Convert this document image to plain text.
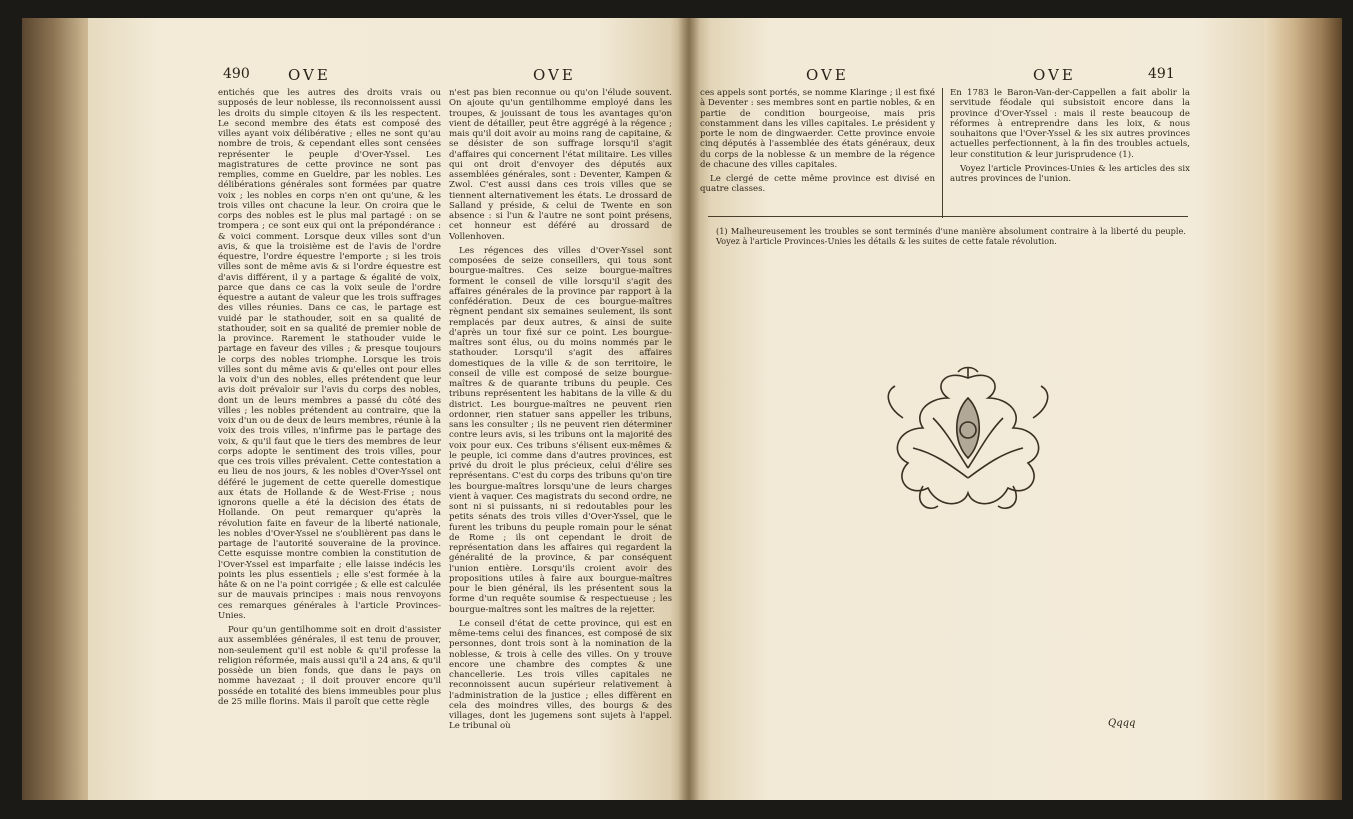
490	OVE	OVE

entichés que les autres des droits vrais ou supposés de leur noblesse, ils reconnoissent aussi les droits du simple citoyen & ils les respectent. Le second membre des états est composé des villes ayant voix délibérative ; elles ne sont qu'au nombre de trois, & cependant elles sont censées représenter le peuple d'Over-Yssel. Les magistratures de cette province ne sont pas remplies, comme en Gueldre, par les nobles. Les délibérations générales sont formées par quatre voix ; les nobles en corps n'en ont qu'une, & les trois villes ont chacune la leur. On croira que le corps des nobles est le plus mal partagé : on se trompera ; ce sont eux qui ont la prépondérance : & voici comment. Lorsque deux villes sont d'un avis, & que la troisième est de l'avis de l'ordre équestre, l'ordre équestre l'emporte ; si les trois villes sont de même avis & si l'ordre équestre est d'avis différent, il y a partage & égalité de voix, parce que dans ce cas la voix seule de l'ordre équestre a autant de valeur que les trois suffrages des villes réunies. Dans ce cas, le partage est vuidé par le stathouder, soit en sa qualité de stathouder, soit en sa qualité de premier noble de la province. Rarement le stathouder vuide le partage en faveur des villes ; & presque toujours le corps des nobles triomphe. Lorsque les trois villes sont du même avis & qu'elles ont pour elles la voix d'un des nobles, elles prétendent que leur avis doit prévaloir sur l'avis du corps des nobles, dont un de leurs membres a passé du côté des villes ; les nobles prétendent au contraire, que la voix d'un ou de deux de leurs membres, réunie à la voix des trois villes, n'infirme pas le partage des voix, & qu'il faut que le tiers des membres de leur corps adopte le sentiment des trois villes, pour que ces trois villes prévalent. Cette contestation a eu lieu de nos jours, & les nobles d'Over-Yssel ont déféré le jugement de cette querelle domestique aux états de Hollande & de West-Frise ; nous ignorons quelle a été la décision des états de Hollande. On peut remarquer qu'après la révolution faite en faveur de la liberté nationale, les nobles d'Over-Yssel ne s'oublièrent pas dans le partage de l'autorité souveraine de la province. Cette esquisse montre combien la constitution de l'Over-Yssel est imparfaite ; elle laisse indécis les points les plus essentiels ; elle s'est formée à la hâte & on ne l'a point corrigée ; & elle est calculée sur de mauvais principes : mais nous renvoyons ces remarques générales à l'article Provinces-Unies.

Pour qu'un gentilhomme soit en droit d'assister aux assemblées générales, il est tenu de prouver, non-seulement qu'il est noble & qu'il professe la religion réformée, mais aussi qu'il a 24 ans, & qu'il possède un bien fonds, que dans le pays on nomme havezaat ; il doit prouver encore qu'il posséde en totalité des biens immeubles pour plus de 25 mille florins. Mais il paroît que cette règle

n'est pas bien reconnue ou qu'on l'élude souvent. On ajoute qu'un gentilhomme employé dans les troupes, & jouissant de tous les avantages qu'on vient de détailler, peut être aggrégé à la régence ; mais qu'il doit avoir au moins rang de capitaine, & se désister de son suffrage lorsqu'il s'agit d'affaires qui concernent l'état militaire. Les villes qui ont droit d'envoyer des députés aux assemblées générales, sont : Deventer, Kampen & Zwol. C'est aussi dans ces trois villes que se tiennent alternativement les états. Le drossard de Salland y préside, & celui de Twente en son absence : si l'un & l'autre ne sont point présens, cet honneur est déféré au drossard de Vollenhoven.

Les régences des villes d'Over-Yssel sont composées de seize conseillers, qui tous sont bourgue-maîtres. Ces seize bourgue-maîtres forment le conseil de ville lorsqu'il s'agit des affaires générales de la province par rapport à la confédération. Deux de ces bourgue-maîtres règnent pendant six semaines seulement, ils sont remplacés par deux autres, & ainsi de suite d'après un tour fixé sur ce point. Les bourgue-maîtres sont élus, ou du moins nommés par le stathouder. Lorsqu'il s'agit des affaires domestiques de la ville & de son territoire, le conseil de ville est composé de seize bourgue-maîtres & de quarante tribuns du peuple. Ces tribuns représentent les habitans de la ville & du district. Les bourgue-maîtres ne peuvent rien ordonner, rien statuer sans appeller les tribuns, sans les consulter ; ils ne peuvent rien déterminer contre leurs avis, si les tribuns ont la majorité des voix pour eux. Ces tribuns s'élisent eux-mêmes & le peuple, ici comme dans d'autres provinces, est privé du droit le plus précieux, celui d'élire ses représentans. C'est du corps des tribuns qu'on tire les bourgue-maîtres lorsqu'une de leurs charges vient à vaquer. Ces magistrats du second ordre, ne sont ni si puissants, ni si redoutables pour les petits sénats des trois villes d'Over-Yssel, que le furent les tribuns du peuple romain pour le sénat de Rome ; ils ont cependant le droit de représentation dans les affaires qui regardent la généralité de la province, & par conséquent l'union entière. Lorsqu'ils croient avoir des propositions utiles à faire aux bourgue-maîtres pour le bien général, ils les présentent sous la forme d'un requête soumise & respectueuse ; les bourgue-maîtres sont les maîtres de la rejetter.

Le conseil d'état de cette province, qui est en même-tems celui des finances, est composé de six personnes, dont trois sont à la nomination de la noblesse, & trois à celle des villes. On y trouve encore une chambre des comptes & une chancellerie. Les trois villes capitales ne reconnoissent aucun supérieur relativement à l'administration de la justice ; elles diffèrent en cela des moindres villes, des bourgs & des villages, dont les jugemens sont sujets à l'appel. Le tribunal où

OVE	OVE	491

ces appels sont portés, se nomme Klaringe ; il est fixé à Deventer : ses membres sont en partie nobles, & en partie de condition bourgeoise, mais pris constamment dans les villes capitales. Le président y porte le nom de dingwaerder. Cette province envoie cinq députés à l'assemblée des états généraux, deux du corps de la noblesse & un membre de la régence de chacune des villes capitales.

Le clergé de cette même province est divisé en quatre classes.

En 1783 le Baron-Van-der-Cappellen a fait abolir la servitude féodale qui subsistoit encore dans la province d'Over-Yssel : mais il reste beaucoup de réformes à entreprendre dans les loix, & nous souhaitons que l'Over-Yssel & les six autres provinces actuelles perfectionnent, à la fin des troubles actuels, leur constitution & leur jurisprudence (1).

Voyez l'article Provinces-Unies & les articles des six autres provinces de l'union.

(1) Malheureusement les troubles se sont terminés d'une manière absolument contraire à la liberté du peuple. Voyez à l'article Provinces-Unies les détails & les suites de cette fatale révolution.
Qqqq
